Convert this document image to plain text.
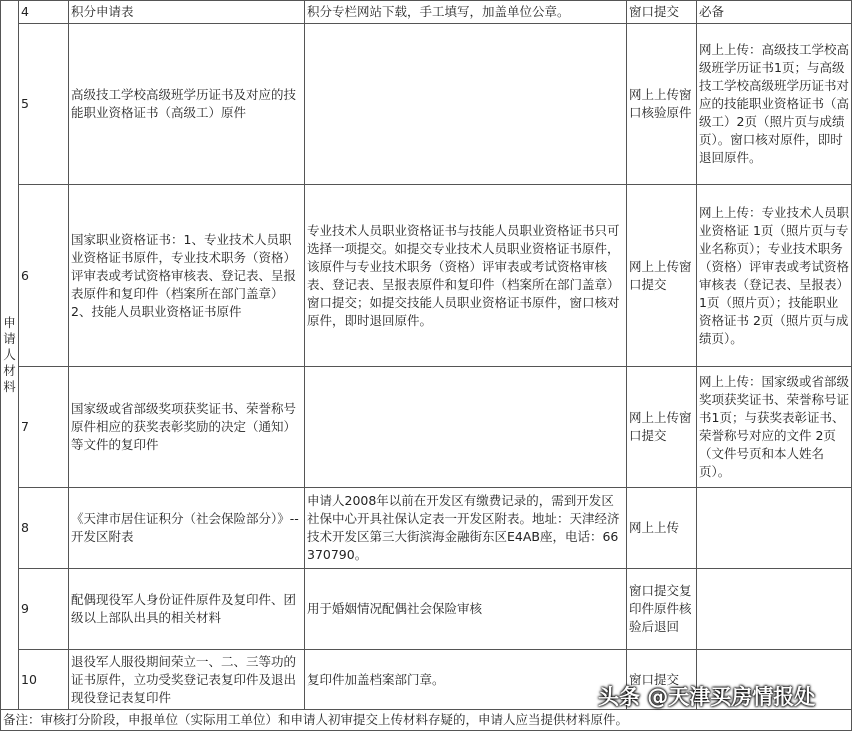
申请人材料	4	积分申请表	积分专栏网站下载，手工填写，加盖单位公章。	窗口提交	必备
	5	高级技工学校高级班学历证书及对应的技能职业资格证书（高级工）原件		网上上传窗口核验原件	网上上传：高级技工学校高级班学历证书1页；与高级技工学校高级班学历证书对应的技能职业资格证书（高级工）2页（照片页与成绩页）。窗口核对原件，即时退回原件。
	6	国家职业资格证书：1、专业技术人员职业资格证书原件，专业技术职务（资格）评审表或考试资格审核表、登记表、呈报表原件和复印件（档案所在部门盖章）2、技能人员职业资格证书原件	专业技术人员职业资格证书与技能人员职业资格证书只可选择一项提交。如提交专业技术人员职业资格证书原件，该原件与专业技术职务（资格）评审表或考试资格审核表、登记表、呈报表原件和复印件（档案所在部门盖章）窗口提交；如提交技能人员职业资格证书原件，窗口核对原件，即时退回原件。	网上上传窗口提交	网上上传：专业技术人员职业资格证 1页（照片页与专业名称页）；专业技术职务（资格）评审表或考试资格审核表（登记表、呈报表）1页（照片页）；技能职业资格证书 2页（照片页与成绩页）。
	7	国家级或省部级奖项获奖证书、荣誉称号原件相应的获奖表彰奖励的决定（通知）等文件的复印件		网上上传窗口提交	网上上传：国家级或省部级奖项获奖证书、荣誉称号证书1页；与获奖表彰证书、荣誉称号对应的文件 2页（文件号页和本人姓名页）。
	8	《天津市居住证积分（社会保险部分）》--开发区附表	申请人2008年以前在开发区有缴费记录的，需到开发区社保中心开具社保认定表一开发区附表。地址：天津经济技术开发区第三大街滨海金融街东区E4AB座，电话：66370790。	网上上传	
	9	配偶现役军人身份证件原件及复印件、团级以上部队出具的相关材料	用于婚姻情况配偶社会保险审核	窗口提交复印件原件核验后退回	
	10	退役军人服役期间荣立一、二、三等功的证书原件，立功受奖登记表复印件及退出现役登记表复印件	复印件加盖档案部门章。	窗口提交	
备注：审核打分阶段，申报单位（实际用工单位）和申请人初审提交上传材料存疑的，申请人应当提供材料原件。					
头条 @天津买房情报处
